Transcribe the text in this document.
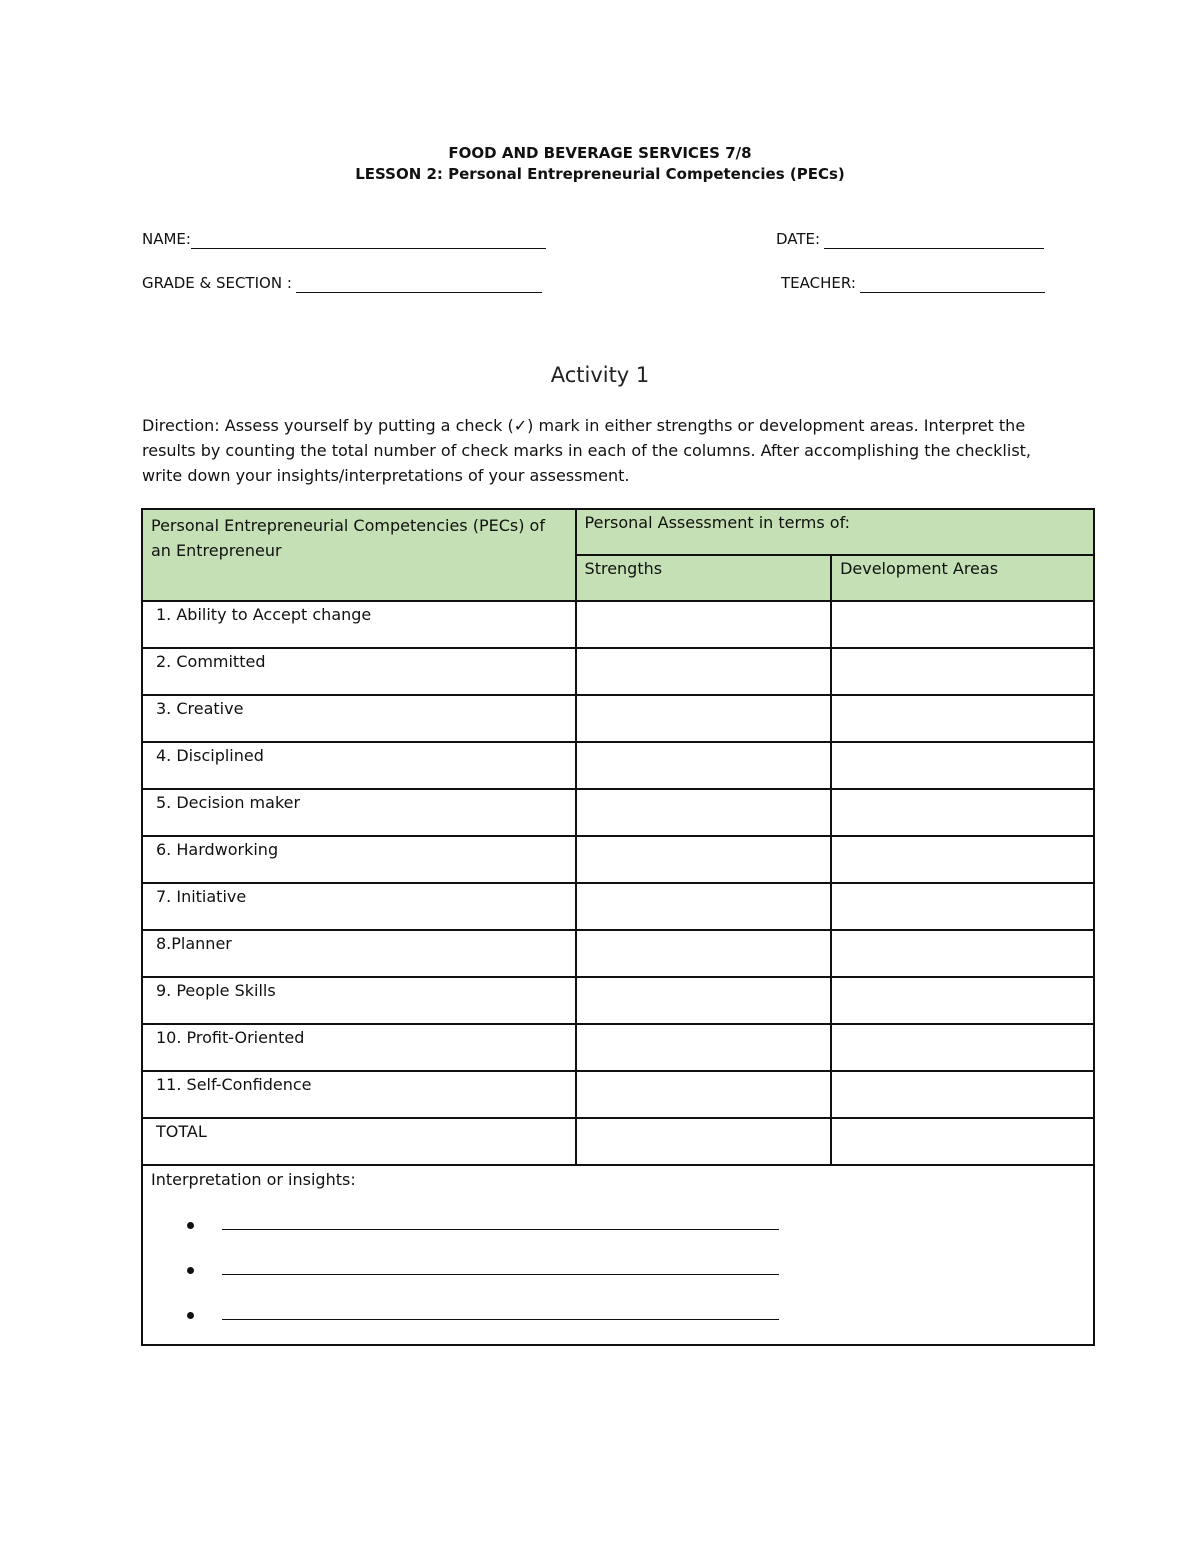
FOOD AND BEVERAGE SERVICES 7/8
LESSON 2: Personal Entrepreneurial Competencies (PECs)
NAME:	DATE:
GRADE & SECTION :	TEACHER:
Activity 1
Direction: Assess yourself by putting a check (✓) mark in either strengths or development areas. Interpret the results by counting the total number of check marks in each of the columns. After accomplishing the checklist, write down your insights/interpretations of your assessment.
Personal Entrepreneurial Competencies (PECs) of an Entrepreneur	Personal Assessment in terms of:	
	Strengths	Development Areas
1. Ability to Accept change		
2. Committed		
3. Creative		
4. Disciplined		
5. Decision maker		
6. Hardworking		
7. Initiative		
8.Planner		
9. People Skills		
10. Profit-Oriented		
11. Self-Confidence		
TOTAL		

Interpretation or insights:		
